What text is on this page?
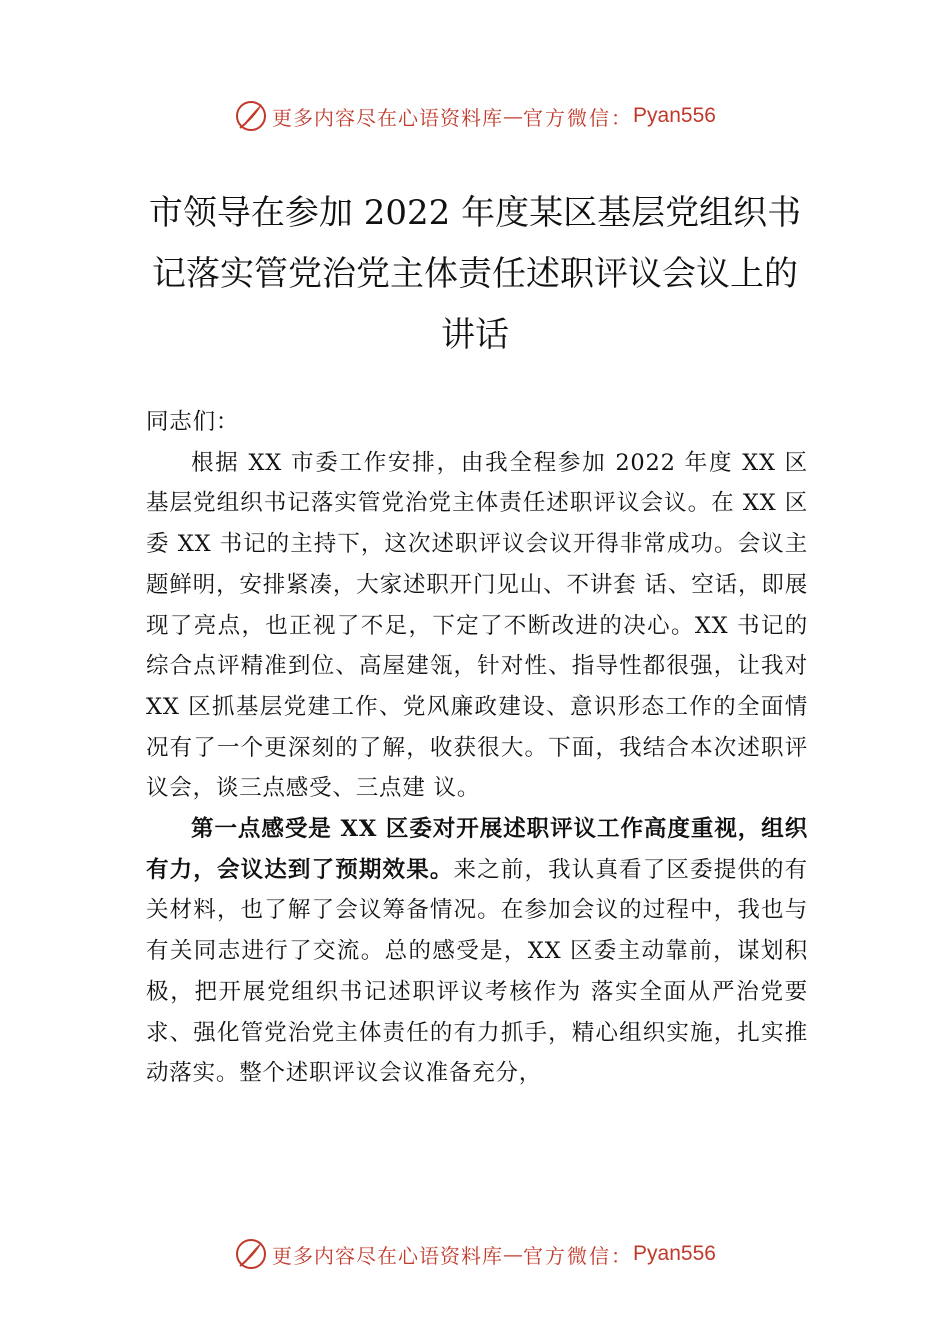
更多内容尽在心语资料库 — 官方微信： Pyan556
市领导在参加 2022 年度某区基层党组织书记落实管党治党主体责任述职评议会议上的讲话

同志们：

根据 XX 市委工作安排，由我全程参加 2022 年度 XX 区基层党组织书记落实管党治党主体责任述职评议会议。在 XX 区委 XX 书记的主持下，这次述职评议会议开得非常成功。会议主题鲜明，安排紧凑，大家述职开门见山、不讲套 话、空话，即展现了亮点，也正视了不足，下定了不断改进的决心。XX 书记的综合点评精准到位、高屋建瓴，针对性、指导性都很强，让我对 XX 区抓基层党建工作、党风廉政建设、意识形态工作的全面情况有了一个更深刻的了解，收获很大。下面，我结合本次述职评议会，谈三点感受、三点建 议。

第一点感受是 XX 区委对开展述职评议工作高度重视，组织有力，会议达到了预期效果。来之前，我认真看了区委提供的有关材料，也了解了会议筹备情况。在参加会议的过程中，我也与有关同志进行了交流。总的感受是，XX 区委主动靠前，谋划积极，把开展党组织书记述职评议考核作为 落实全面从严治党要求、强化管党治党主体责任的有力抓手，精心组织实施，扎实推动落实。整个述职评议会议准备充分，

更多内容尽在心语资料库 — 官方微信： Pyan556
